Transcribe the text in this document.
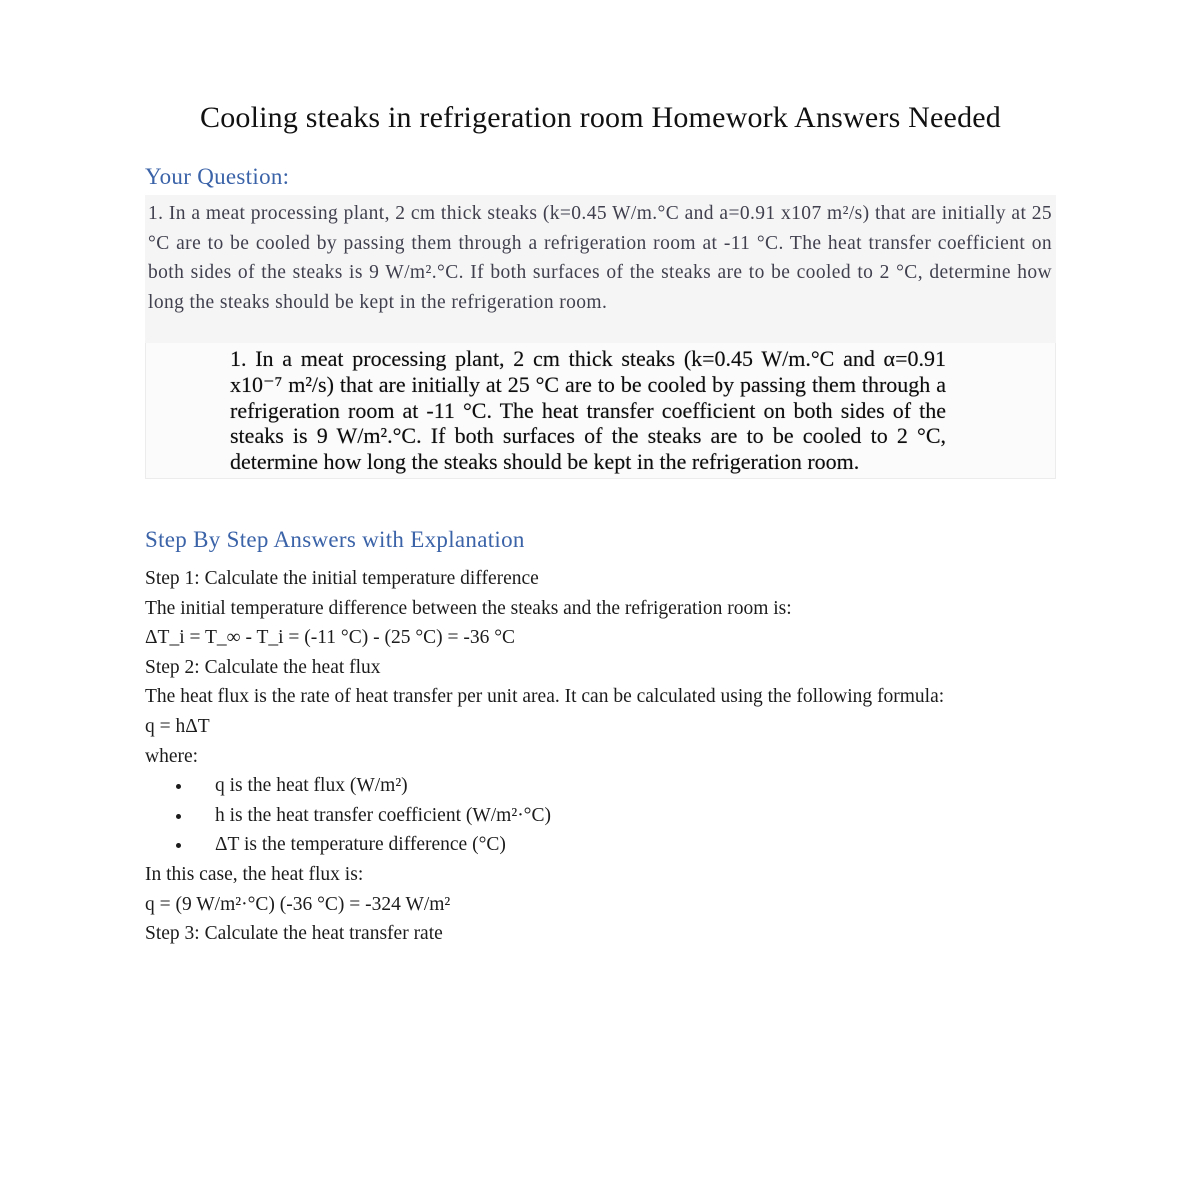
Cooling steaks in refrigeration room Homework Answers Needed
Your Question:

1. In a meat processing plant, 2 cm thick steaks (k=0.45 W/m.°C and a=0.91 x107 m²/s) that are initially at 25 °C are to be cooled by passing them through a refrigeration room at -11 °C. The heat transfer coefficient on both sides of the steaks is 9 W/m².°C. If both surfaces of the steaks are to be cooled to 2 °C, determine how long the steaks should be kept in the refrigeration room.

1. In a meat processing plant, 2 cm thick steaks (k=0.45 W/m.°C and α=0.91 x10⁻⁷ m²/s) that are initially at 25 °C are to be cooled by passing them through a refrigeration room at -11 °C. The heat transfer coefficient on both sides of the steaks is 9 W/m².°C. If both surfaces of the steaks are to be cooled to 2 °C, determine how long the steaks should be kept in the refrigeration room.

Step By Step Answers with Explanation

Step 1: Calculate the initial temperature difference

The initial temperature difference between the steaks and the refrigeration room is:

ΔT_i = T_∞ - T_i = (-11 °C) - (25 °C) = -36 °C

Step 2: Calculate the heat flux

The heat flux is the rate of heat transfer per unit area. It can be calculated using the following formula:

q = hΔT

where:

• q is the heat flux (W/m²)
• h is the heat transfer coefficient (W/m²·°C)
• ΔT is the temperature difference (°C)

In this case, the heat flux is:

q = (9 W/m²·°C) (-36 °C) = -324 W/m²

Step 3: Calculate the heat transfer rate
